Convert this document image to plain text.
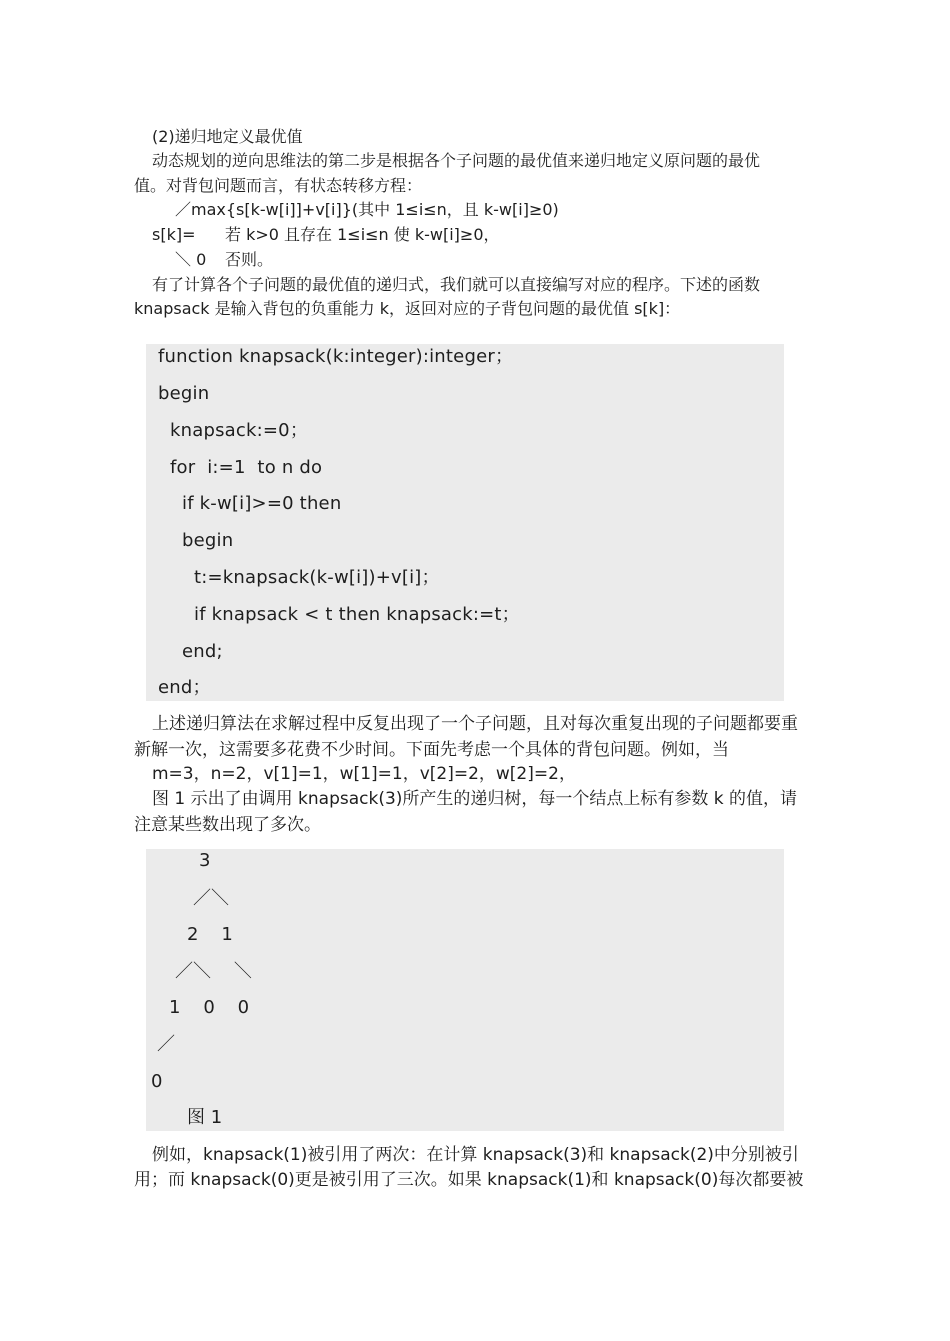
(2)递归地定义最优值
动态规划的逆向思维法的第二步是根据各个子问题的最优值来递归地定义原问题的最优
值。对背包问题而言，有状态转移方程：
／max{s[k-w[i]]+v[i]}(其中 1≤i≤n，且 k-w[i]≥0)
s[k]= 若 k>0 且存在 1≤i≤n 使 k-w[i]≥0，
＼ 0 否则。
有了计算各个子问题的最优值的递归式，我们就可以直接编写对应的程序。下述的函数
knapsack 是输入背包的负重能力 k，返回对应的子背包问题的最优值 s[k]：
function knapsack(k:integer):integer；
begin
knapsack:=0；
for  i:=1  to n do
if k-w[i]>=0 then
begin
t:=knapsack(k-w[i])+v[i]；
if knapsack < t then knapsack:=t；
end;
end；
上述递归算法在求解过程中反复出现了一个子问题，且对每次重复出现的子问题都要重
新解一次，这需要多花费不少时间。下面先考虑一个具体的背包问题。例如，当
m=3，n=2，v[1]=1，w[1]=1，v[2]=2，w[2]=2，
图 1 示出了由调用 knapsack(3)所产生的递归树，每一个结点上标有参数 k 的值，请
注意某些数出现了多次。
3
／＼
2    1
／＼    ＼
1    0    0
／
0
图 1
例如，knapsack(1)被引用了两次：在计算 knapsack(3)和 knapsack(2)中分别被引
用；而 knapsack(0)更是被引用了三次。如果 knapsack(1)和 knapsack(0)每次都要被
